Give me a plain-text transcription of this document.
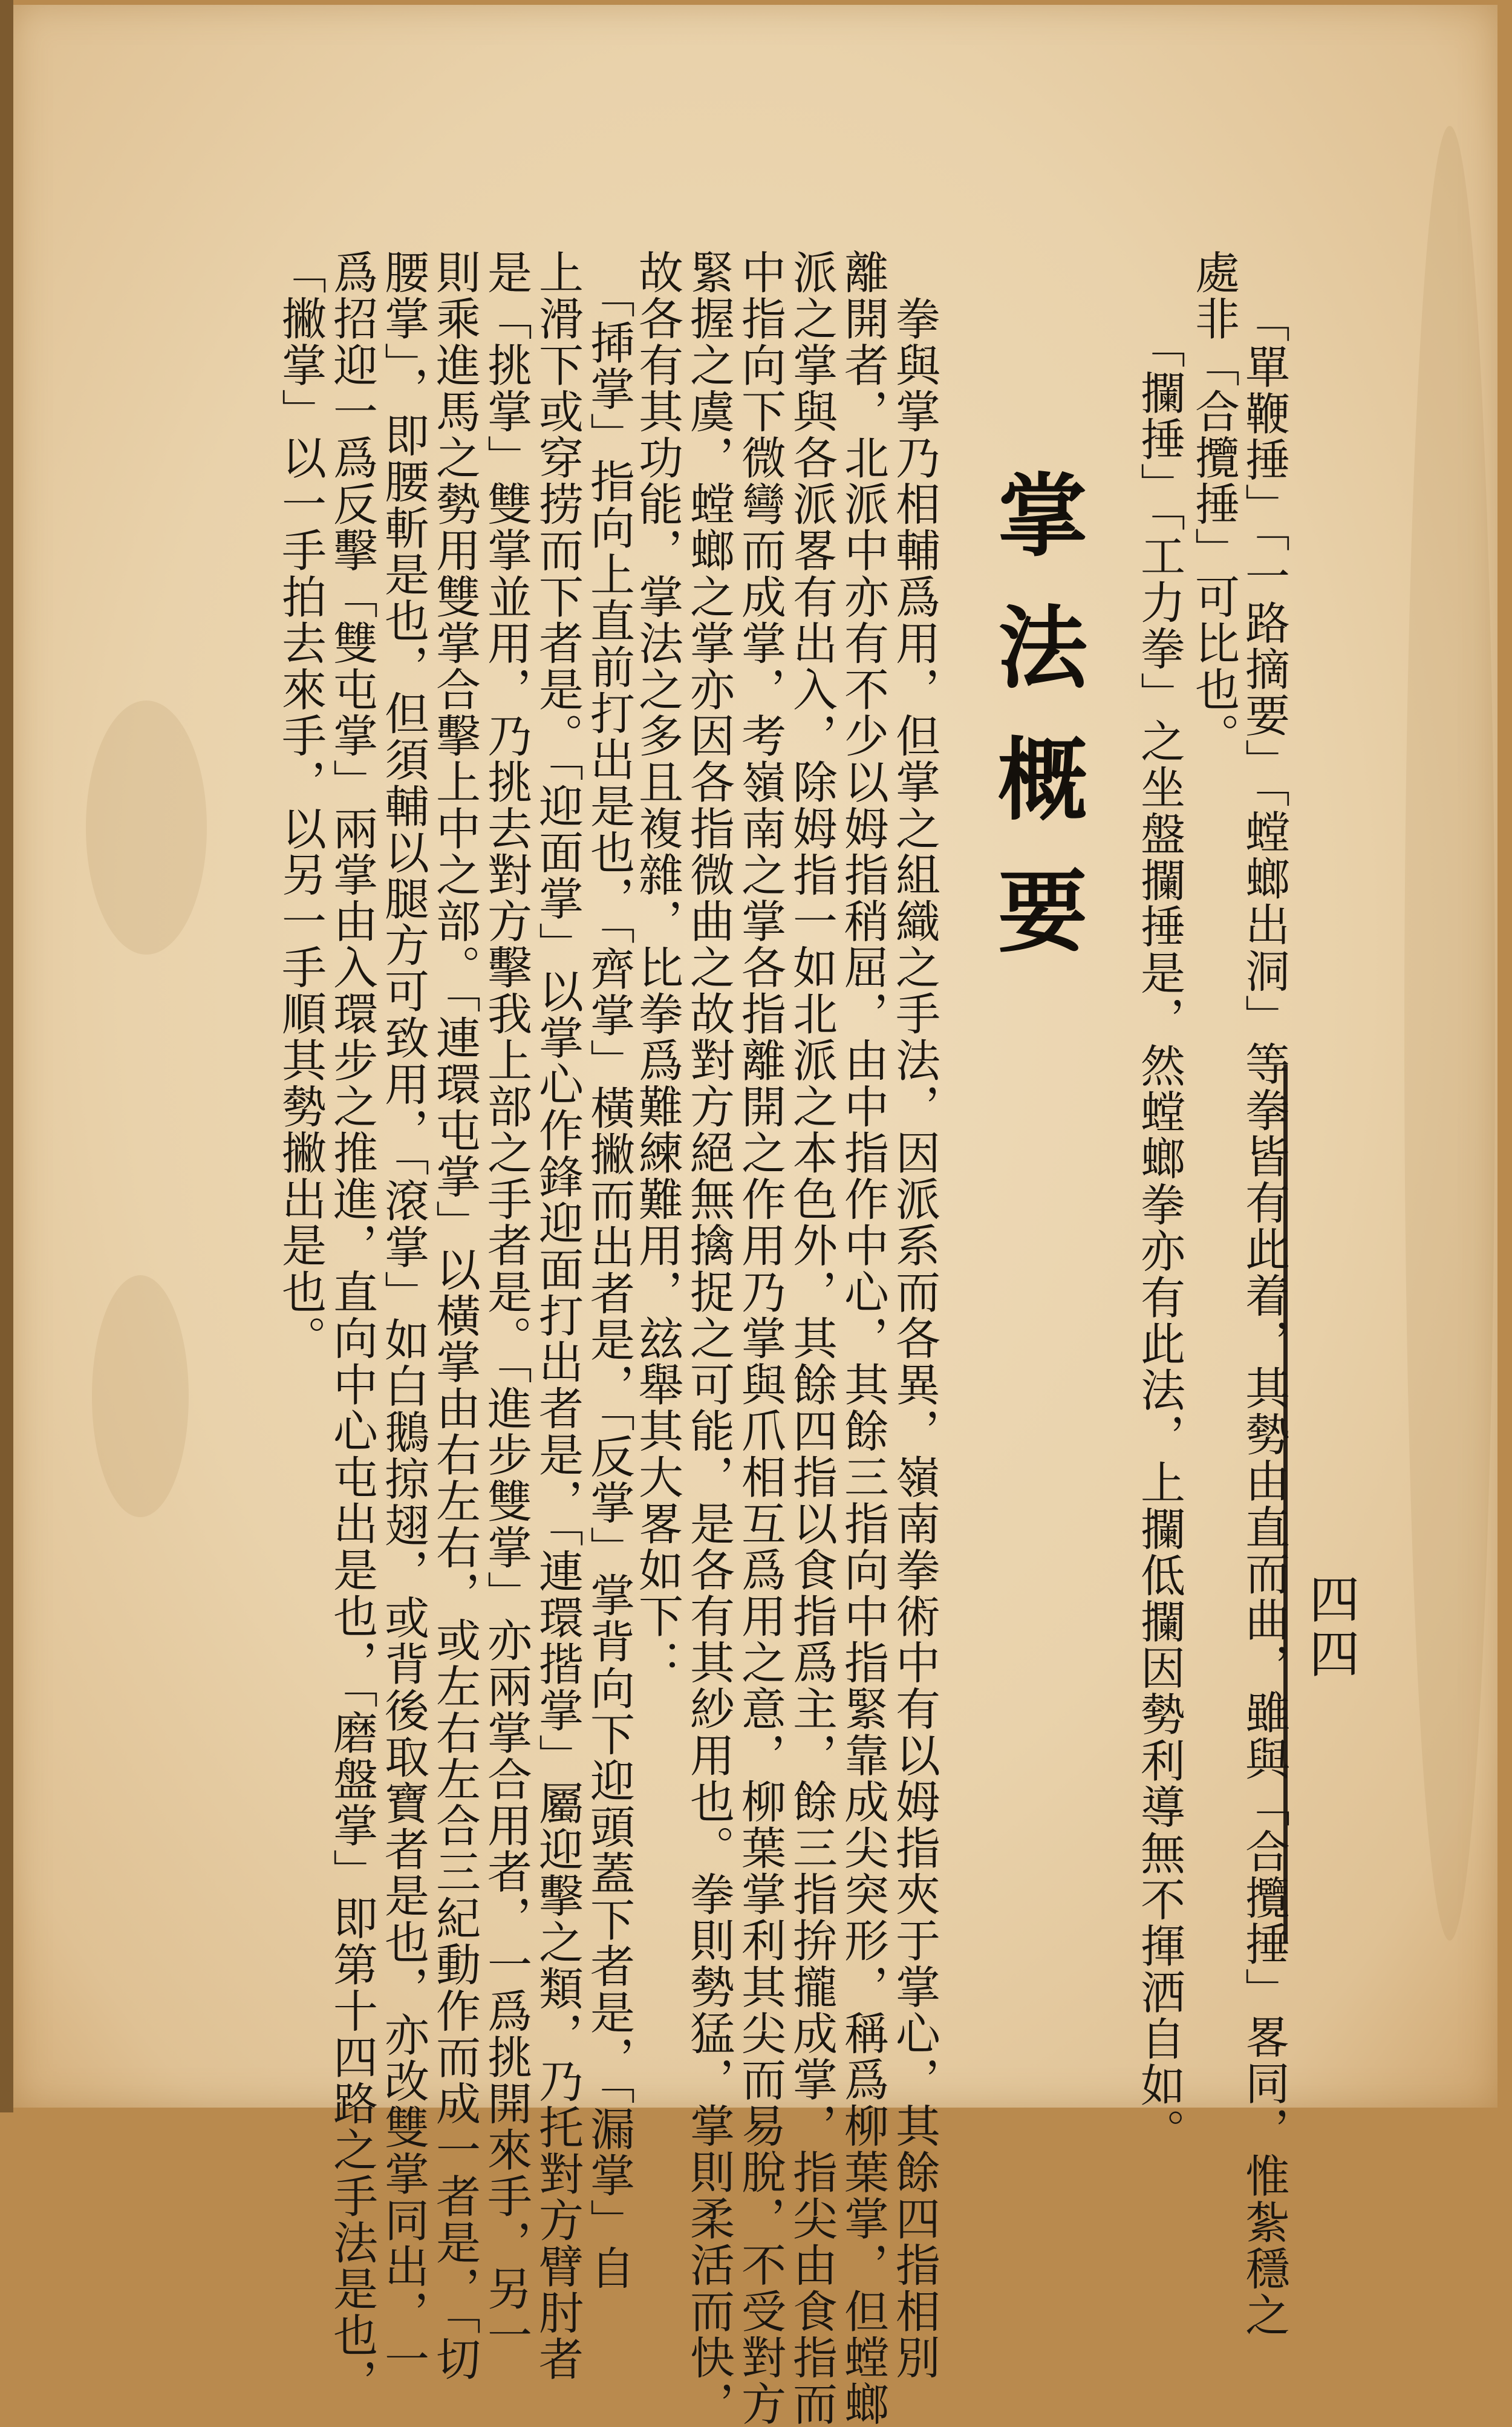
四四
掌法概要	「單鞭捶」「一路摘要」「螳螂出洞」等拳皆有此着，其勢由直而曲，雖與「合攬捶」畧同，惟紮穩之
處非「合攬捶」可比也。
　「攔捶」「工力拳」之坐盤攔捶是，然螳螂拳亦有此法，上攔低攔因勢利導無不揮洒自如。
　拳與掌乃相輔爲用，但掌之組織之手法，因派系而各異，嶺南拳術中有以姆指夾于掌心，其餘四指相別
離開者，北派中亦有不少以姆指稍屈，由中指作中心，其餘三指向中指緊靠成尖突形，稱爲柳葉掌，但螳螂
派之掌與各派畧有出入，除姆指一如北派之本色外，其餘四指以食指爲主，餘三指拚攏成掌，指尖由食指而
中指向下微彎而成掌，考嶺南之掌各指離開之作用乃掌與爪相互爲用之意，柳葉掌利其尖而易脫，不受對方
緊握之虞，螳螂之掌亦因各指微曲之故對方絕無擒捉之可能，是各有其紗用也。拳則勢猛，掌則柔活而快，
故各有其功能，掌法之多且複雜，比拳爲難練難用，玆舉其大畧如下：
　「揷掌」指向上直前打出是也，「齊掌」橫撇而出者是，「反掌」掌背向下迎頭蓋下者是，「漏掌」自
上滑下或穿捞而下者是。「迎面掌」以掌心作鋒迎面打出者是，「連環揩掌」屬迎擊之類，乃托對方臂肘者
是「挑掌」雙掌並用，乃挑去對方擊我上部之手者是。「進步雙掌」亦兩掌合用者，一爲挑開來手，另一
則乘進馬之勢用雙掌合擊上中之部。「連環屯掌」以橫掌由右左右，或左右左合三紀動作而成一者是，「切
腰掌」，即腰斬是也，但須輔以腿方可致用，「滾掌」如白鵝掠翅，或背後取寶者是也，亦改雙掌同出，一
爲招迎一爲反擊「雙屯掌」兩掌由入環步之推進，直向中心屯出是也，「磨盤掌」即第十四路之手法是也，
「撇掌」以一手拍去來手，以另一手順其勢撇出是也。
